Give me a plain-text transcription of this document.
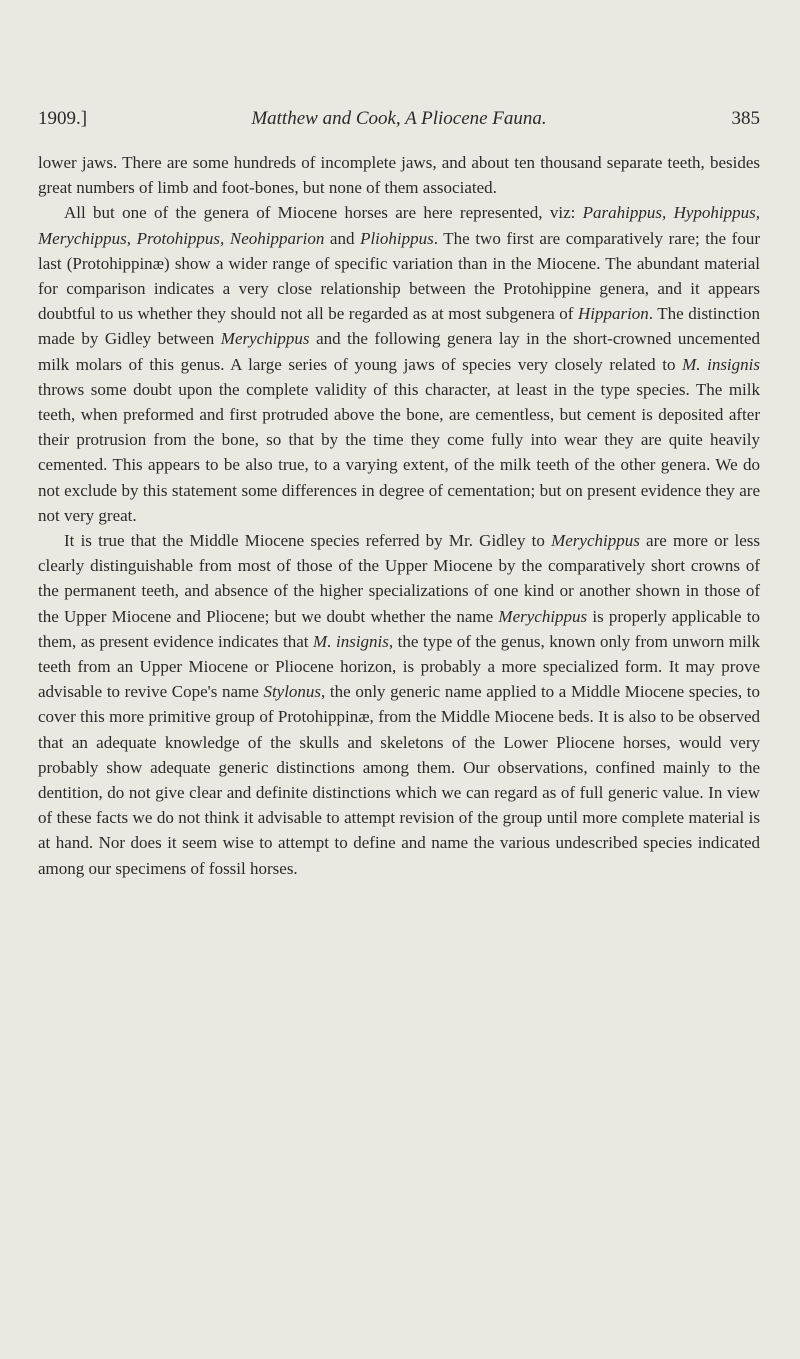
1909.]	Matthew and Cook, A Pliocene Fauna.	385

lower jaws. There are some hundreds of incomplete jaws, and about ten thousand separate teeth, besides great numbers of limb and foot-bones, but none of them associated.

All but one of the genera of Miocene horses are here represented, viz: Parahippus, Hypohippus, Merychippus, Protohippus, Neohipparion and Pliohippus. The two first are comparatively rare; the four last (Protohippinæ) show a wider range of specific variation than in the Miocene. The abundant material for comparison indicates a very close relationship between the Protohippine genera, and it appears doubtful to us whether they should not all be regarded as at most subgenera of Hipparion. The distinction made by Gidley between Merychippus and the following genera lay in the short-crowned uncemented milk molars of this genus. A large series of young jaws of species very closely related to M. insignis throws some doubt upon the complete validity of this character, at least in the type species. The milk teeth, when preformed and first protruded above the bone, are cementless, but cement is deposited after their protrusion from the bone, so that by the time they come fully into wear they are quite heavily cemented. This appears to be also true, to a varying extent, of the milk teeth of the other genera. We do not exclude by this statement some differences in degree of cementation; but on present evidence they are not very great.

It is true that the Middle Miocene species referred by Mr. Gidley to Merychippus are more or less clearly distinguishable from most of those of the Upper Miocene by the comparatively short crowns of the permanent teeth, and absence of the higher specializations of one kind or another shown in those of the Upper Miocene and Pliocene; but we doubt whether the name Merychippus is properly applicable to them, as present evidence indicates that M. insignis, the type of the genus, known only from unworn milk teeth from an Upper Miocene or Pliocene horizon, is probably a more specialized form. It may prove advisable to revive Cope's name Stylonus, the only generic name applied to a Middle Miocene species, to cover this more primitive group of Protohippinæ, from the Middle Miocene beds. It is also to be observed that an adequate knowledge of the skulls and skeletons of the Lower Pliocene horses, would very probably show adequate generic distinctions among them. Our observations, confined mainly to the dentition, do not give clear and definite distinctions which we can regard as of full generic value. In view of these facts we do not think it advisable to attempt revision of the group until more complete material is at hand. Nor does it seem wise to attempt to define and name the various undescribed species indicated among our specimens of fossil horses.
